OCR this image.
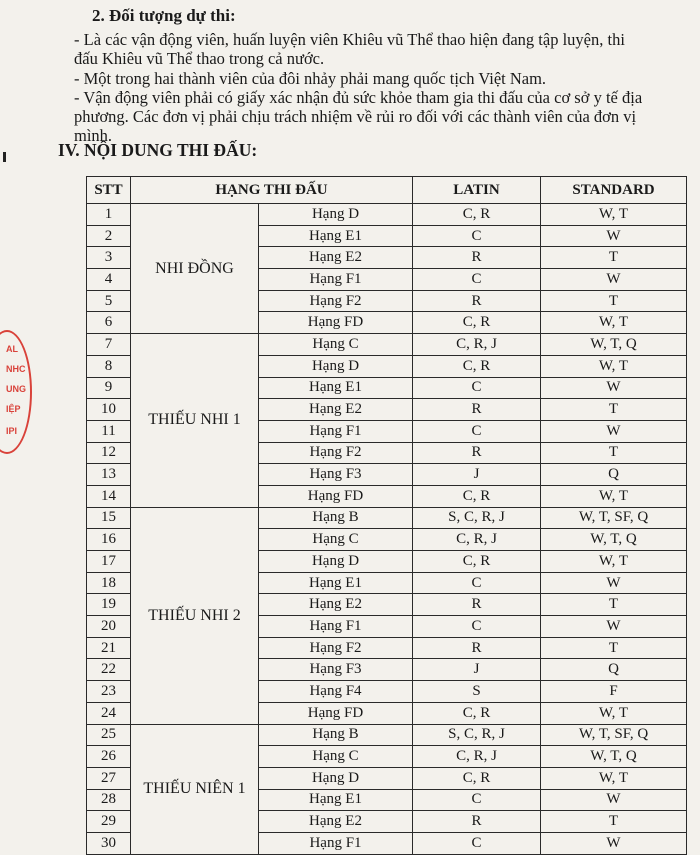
2. Đối tượng dự thi:
- Là các vận động viên, huấn luyện viên Khiêu vũ Thể thao hiện đang tập luyện, thi
đấu Khiêu vũ Thể thao trong cả nước.
- Một trong hai thành viên của đôi nhảy phải mang quốc tịch Việt Nam.
- Vận động viên phải có giấy xác nhận đủ sức khỏe tham gia thi đấu của cơ sở y tế địa
phương. Các đơn vị phải chịu trách nhiệm về rủi ro đối với các thành viên của đơn vị
mình.
IV. NỘI DUNG THI ĐẤU:
STT	HẠNG THI ĐẤU		LATIN	STANDARD
1	NHI ĐỒNG	Hạng D	C, R	W, T
2		Hạng E1	C	W
3		Hạng E2	R	T
4		Hạng F1	C	W
5		Hạng F2	R	T
6		Hạng FD	C, R	W, T
7	THIẾU NHI 1	Hạng C	C, R, J	W, T, Q
8		Hạng D	C, R	W, T
9		Hạng E1	C	W
10		Hạng E2	R	T
11		Hạng F1	C	W
12		Hạng F2	R	T
13		Hạng F3	J	Q
14		Hạng FD	C, R	W, T
15	THIẾU NHI 2	Hạng B	S, C, R, J	W, T, SF, Q
16		Hạng C	C, R, J	W, T, Q
17		Hạng D	C, R	W, T
18		Hạng E1	C	W
19		Hạng E2	R	T
20		Hạng F1	C	W
21		Hạng F2	R	T
22		Hạng F3	J	Q
23		Hạng F4	S	F
24		Hạng FD	C, R	W, T
25	THIẾU NIÊN 1	Hạng B	S, C, R, J	W, T, SF, Q
26		Hạng C	C, R, J	W, T, Q
27		Hạng D	C, R	W, T
28		Hạng E1	C	W
29		Hạng E2	R	T
30		Hạng F1	C	W
AL
NHC
UNG
IỆP
IPI
